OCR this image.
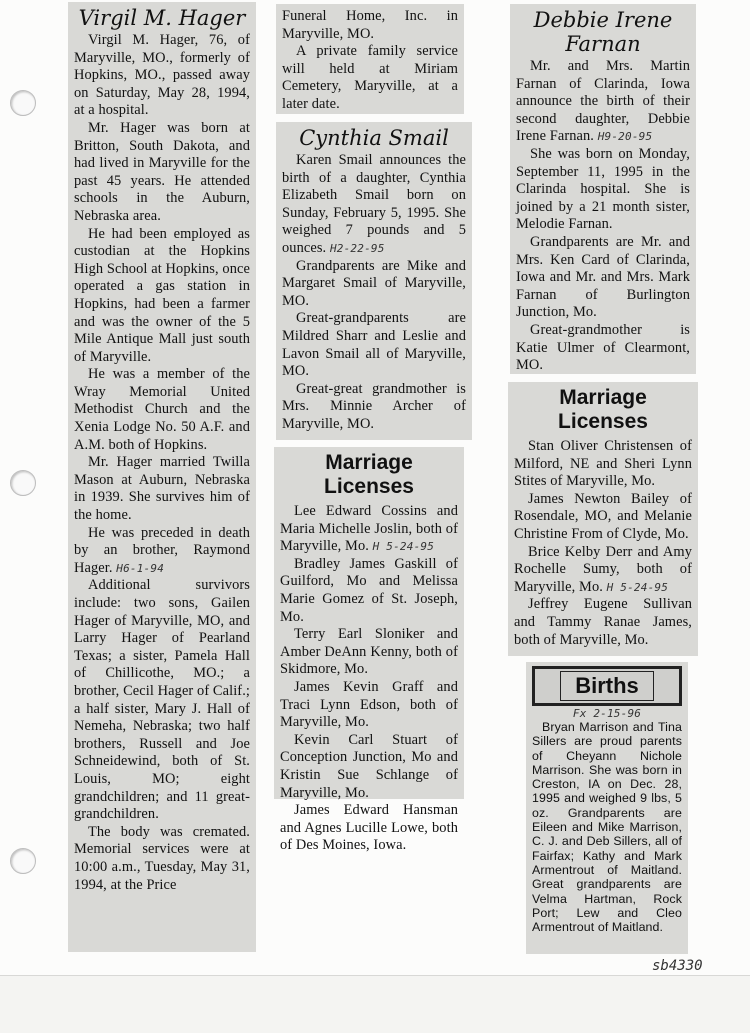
Virgil M. Hager

Virgil M. Hager, 76, of Maryville, MO., formerly of Hopkins, MO., passed away on Saturday, May 28, 1994, at a hospital.

Mr. Hager was born at Britton, South Dakota, and had lived in Maryville for the past 45 years. He attended schools in the Auburn, Nebraska area.

He had been employed as custodian at the Hopkins High School at Hopkins, once operated a gas station in Hopkins, had been a farmer and was the owner of the 5 Mile Antique Mall just south of Maryville.

He was a member of the Wray Memorial United Methodist Church and the Xenia Lodge No. 50 A.F. and A.M. both of Hopkins.

Mr. Hager married Twilla Mason at Auburn, Nebraska in 1939. She survives him of the home.

He was preceded in death by an brother, Raymond Hager. H6-1-94

Additional survivors include: two sons, Gailen Hager of Maryville, MO, and Larry Hager of Pearland Texas; a sister, Pamela Hall of Chillicothe, MO.; a brother, Cecil Hager of Calif.; a half sister, Mary J. Hall of Nemeha, Nebraska; two half brothers, Russell and Joe Schneidewind, both of St. Louis, MO; eight grandchildren; and 11 great-grandchildren.

The body was cremated. Memorial services were at 10:00 a.m., Tuesday, May 31, 1994, at the Price

Funeral Home, Inc. in Maryville, MO.

A private family service will held at Miriam Cemetery, Maryville, at a later date.

Cynthia Smail

Karen Smail announces the birth of a daughter, Cynthia Elizabeth Smail born on Sunday, February 5, 1995. She weighed 7 pounds and 5 ounces. H2-22-95

Grandparents are Mike and Margaret Smail of Maryville, MO.

Great-grandparents are Mildred Sharr and Leslie and Lavon Smail all of Maryville, MO.

Great-great grandmother is Mrs. Minnie Archer of Maryville, MO.

Marriage Licenses

Lee Edward Cossins and Maria Michelle Joslin, both of Maryville, Mo. H 5-24-95

Bradley James Gaskill of Guilford, Mo and Melissa Marie Gomez of St. Joseph, Mo.

Terry Earl Sloniker and Amber DeAnn Kenny, both of Skidmore, Mo.

James Kevin Graff and Traci Lynn Edson, both of Maryville, Mo.

Kevin Carl Stuart of Conception Junction, Mo and Kristin Sue Schlange of Maryville, Mo.

James Edward Hansman and Agnes Lucille Lowe, both of Des Moines, Iowa.

Debbie Irene
Farnan

Mr. and Mrs. Martin Farnan of Clarinda, Iowa announce the birth of their second daughter, Debbie Irene Farnan. H9-20-95

She was born on Monday, September 11, 1995 in the Clarinda hospital. She is joined by a 21 month sister, Melodie Farnan.

Grandparents are Mr. and Mrs. Ken Card of Clarinda, Iowa and Mr. and Mrs. Mark Farnan of Burlington Junction, Mo.

Great-grandmother is Katie Ulmer of Clearmont, MO.

Marriage
Licenses

Stan Oliver Christensen of Milford, NE and Sheri Lynn Stites of Maryville, Mo.

James Newton Bailey of Rosendale, MO, and Melanie Christine From of Clyde, Mo.

Brice Kelby Derr and Amy Rochelle Sumy, both of Maryville, Mo. H 5-24-95

Jeffrey Eugene Sullivan and Tammy Ranae James, both of Maryville, Mo.

Births
Fx 2-15-96

Bryan Marrison and Tina Sillers are proud parents of Cheyann Nichole Marrison. She was born in Creston, IA on Dec. 28, 1995 and weighed 9 lbs, 5 oz. Grandparents are Eileen and Mike Marrison, C. J. and Deb Sillers, all of Fairfax; Kathy and Mark Armentrout of Maitland. Great grandparents are Velma Hartman, Rock Port; Lew and Cleo Armentrout of Maitland.

sb4330
